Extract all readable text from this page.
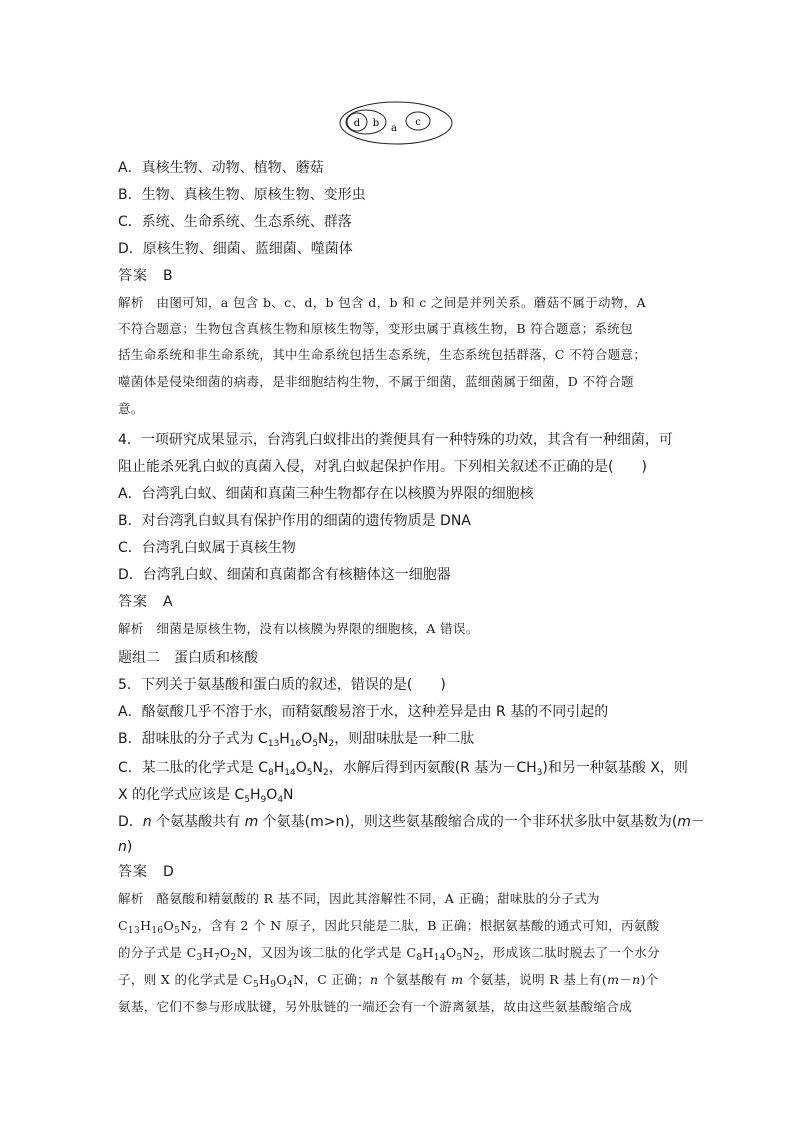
d b a
c
A．真核生物、动物、植物、蘑菇
B．生物、真核生物、原核生物、变形虫
C．系统、生命系统、生态系统、群落
D．原核生物、细菌、蓝细菌、噬菌体
答案　B
解析　由图可知，a 包含 b、c、d，b 包含 d，b 和 c 之间是并列关系。蘑菇不属于动物，A
不符合题意；生物包含真核生物和原核生物等，变形虫属于真核生物，B 符合题意；系统包
括生命系统和非生命系统，其中生命系统包括生态系统，生态系统包括群落，C 不符合题意；
噬菌体是侵染细菌的病毒，是非细胞结构生物，不属于细菌，蓝细菌属于细菌，D 不符合题
意。
4．一项研究成果显示，台湾乳白蚁排出的粪便具有一种特殊的功效，其含有一种细菌，可
阻止能杀死乳白蚁的真菌入侵，对乳白蚁起保护作用。下列相关叙述不正确的是(　　)
A．台湾乳白蚁、细菌和真菌三种生物都存在以核膜为界限的细胞核
B．对台湾乳白蚁具有保护作用的细菌的遗传物质是 DNA
C．台湾乳白蚁属于真核生物
D．台湾乳白蚁、细菌和真菌都含有核糖体这一细胞器
答案　A
解析　细菌是原核生物，没有以核膜为界限的细胞核，A 错误。
题组二　蛋白质和核酸
5．下列关于氨基酸和蛋白质的叙述，错误的是(　　)
A．酪氨酸几乎不溶于水，而精氨酸易溶于水，这种差异是由 R 基的不同引起的
B．甜味肽的分子式为 $C_{13}H_{16}O_5N_2$，则甜味肽是一种二肽
C．某二肽的化学式是 $C_8H_{14}O_5N_2$，水解后得到丙氨酸(R 基为$-CH_3$)和另一种氨基酸 X，则
X 的化学式应该是 $C_5H_9O_4N$
D．n 个氨基酸共有 m 个氨基(m>n)，则这些氨基酸缩合成的一个非环状多肽中氨基数为(m－
n)
答案　D
解析　酪氨酸和精氨酸的 R 基不同，因此其溶解性不同，A 正确；甜味肽的分子式为
$C_{13}H_{16}O_5N_2$，含有 2 个 N 原子，因此只能是二肽，B 正确；根据氨基酸的通式可知，丙氨酸
的分子式是 $C_3H_7O_2N$，又因为该二肽的化学式是 $C_8H_{14}O_5N_2$，形成该二肽时脱去了一个水分
子，则 X 的化学式是 $C_5H_9O_4N$，C 正确；n 个氨基酸有 m 个氨基，说明 R 基上有(m－n)个
氨基，它们不参与形成肽键，另外肽链的一端还会有一个游离氨基，故由这些氨基酸缩合成
